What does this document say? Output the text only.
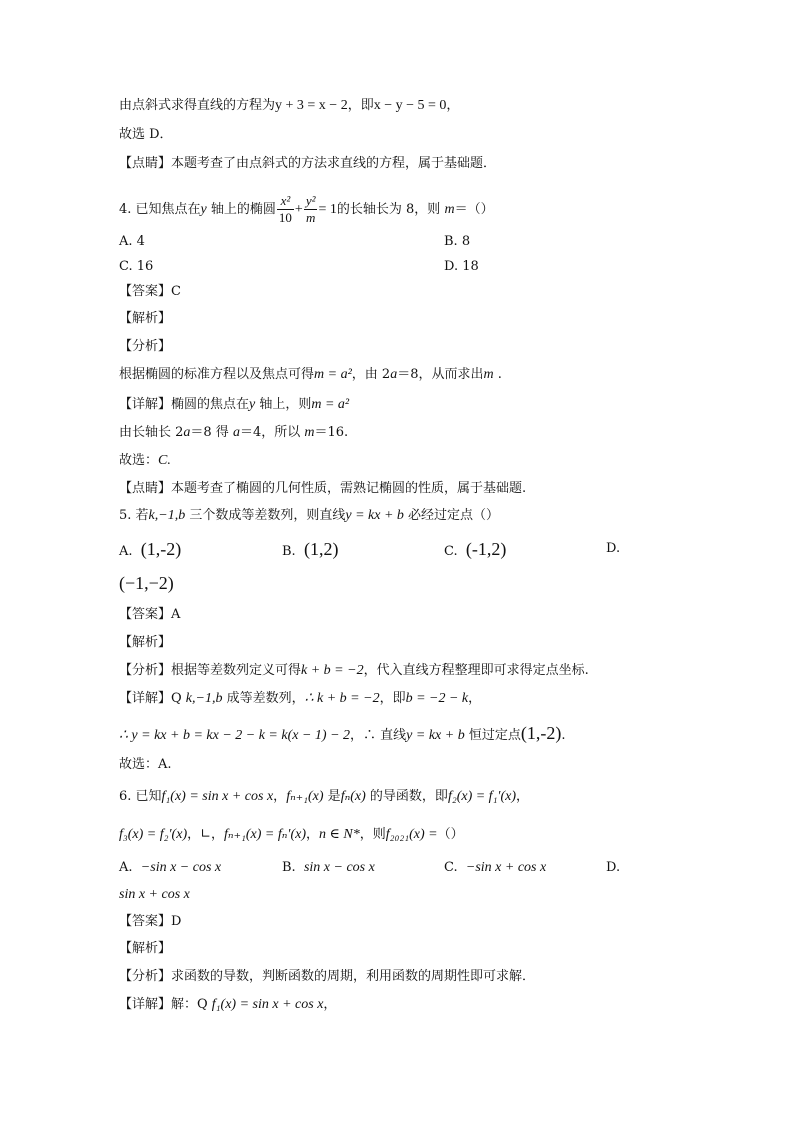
由点斜式求得直线的方程为y + 3 = x − 2，即x − y − 5 = 0，
故选 D．
【点睛】本题考查了由点斜式的方法求直线的方程，属于基础题．
4. 已知焦点在y 轴上的椭圆 $\frac{\text{x²}}{10} + \frac{\text{y²}}{m} = 1$的长轴长为 8，则 m＝（）
A. 4	B. 8
C. 16	D. 18
【答案】C
【解析】
【分析】
根据椭圆的标准方程以及焦点可得m = a²，由 2a＝8，从而求出m .
【详解】椭圆的焦点在y 轴上，则m = a²
由长轴长 2a＝8 得 a＝4，所以 m＝16.
故选：C.
【点睛】本题考查了椭圆的几何性质，需熟记椭圆的性质，属于基础题.
5. 若k,−1,b 三个数成等差数列，则直线y = kx + b 必经过定点（）
A. (1,‑2)	B. (1,2)	C. (‑1,2)	D.
(−1,−2)
【答案】A
【解析】
【分析】根据等差数列定义可得k + b = −2，代入直线方程整理即可求得定点坐标.
【详解】Q k,−1,b 成等差数列，∴ k + b = −2，即b = −2 − k，
∴ y = kx + b = kx − 2 − k = k(x − 1) − 2，∴ 直线y = kx + b 恒过定点(1,‑2).
故选：A.
6. 已知f₁(x) = sin x + cos x，fₙ₊₁(x) 是fₙ(x) 的导函数，即f₂(x) = f₁′(x)，
f₃(x) = f₂′(x)，∟，fₙ₊₁(x) = fₙ′(x)，n ∈ N*，则f₂₀₂₁(x) =（）
A. −sin x − cos x	B. sin x − cos x	C. −sin x + cos x	D.
sin x + cos x
【答案】D
【解析】
【分析】求函数的导数，判断函数的周期，利用函数的周期性即可求解．
【详解】解：Q f₁(x) = sin x + cos x，
